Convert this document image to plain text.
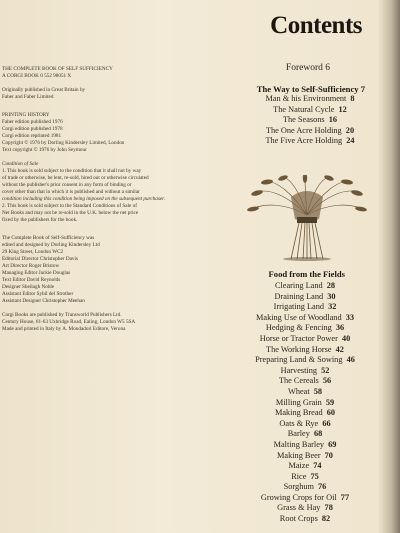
THE COMPLETE BOOK OF SELF SUFFICIENCY

A CORGI BOOK 0 552 98051 X

Originally published in Great Britain by

Faber and Faber Limited

PRINTING HISTORY

Faber edition published 1976

Corgi edition published 1978

Corgi edition reprinted 1981

Copyright © 1976 by Dorling Kindersley Limited, London

Text copyright © 1976 by John Seymour

Condition of Sale

1. This book is sold subject to the condition that it shall not by way

of trade or otherwise, be lent, re-sold, hired out or otherwise circulated

without the publisher's prior consent in any form of binding or

cover other than that in which it is published and without a similar

condition including this condition being imposed on the subsequent purchaser.

2. This book is sold subject to the Standard Conditions of Sale of

Net Books and may not be re-sold in the U.K. below the net price

fixed by the publishers for the book.

The Complete Book of Self-Sufficiency was

edited and designed by Dorling Kindersley Ltd

29 King Street, London WC2

Editorial Director Christopher Davis

Art Director Roger Bristow

Managing Editor Jackie Douglas

Text Editor David Reynolds

Designer Sheilagh Noble

Assistant Editor Sybil del Strother

Assistant Designer Christopher Meehan

Corgi Books are published by Transworld Publishers Ltd.

Century House, 61-63 Uxbridge Road, Ealing, London W5 5SA

Made and printed in Italy by A. Mondadori Editore, Verona

Contents
Foreword 6
The Way to Self-Sufficiency 7
Man & his Environment 8
The Natural Cycle 12
The Seasons 16
The One Acre Holding 20
The Five Acre Holding 24
Food from the Fields
Clearing Land 28
Draining Land 30
Irrigating Land 32
Making Use of Woodland 33
Hedging & Fencing 36
Horse or Tractor Power 40
The Working Horse 42
Preparing Land & Sowing 46
Harvesting 52
The Cereals 56
Wheat 58
Milling Grain 59
Making Bread 60
Oats & Rye 66
Barley 68
Malting Barley 69
Making Beer 70
Maize 74
Rice 75
Sorghum 76
Growing Crops for Oil 77
Grass & Hay 78
Root Crops 82
